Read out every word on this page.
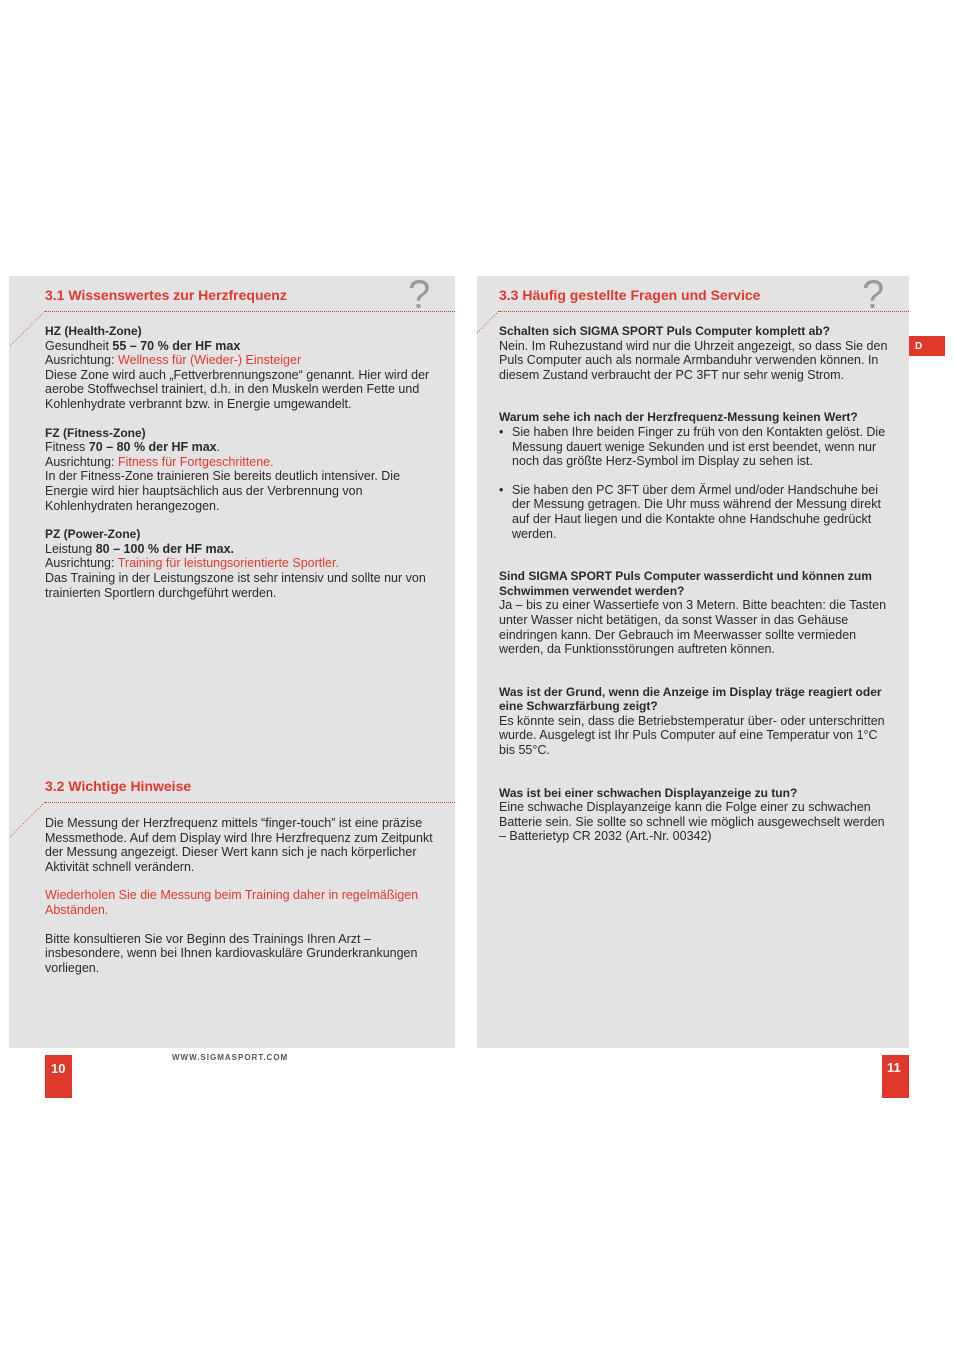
3.1 Wissenswertes zur Herzfrequenz	?

HZ (Health-Zone)

Gesundheit 55 – 70 % der HF max

Ausrichtung: Wellness für (Wieder-) Einsteiger

Diese Zone wird auch „Fettverbrennungszone“ genannt. Hier wird der aerobe Stoffwechsel trainiert, d.h. in den Muskeln werden Fette und Kohlenhydrate verbrannt bzw. in Energie umgewandelt.

FZ (Fitness-Zone)

Fitness 70 – 80 % der HF max.

Ausrichtung: Fitness für Fortgeschrittene.

In der Fitness-Zone trainieren Sie bereits deutlich intensiver. Die Energie wird hier hauptsächlich aus der Verbrennung von Kohlenhydraten herangezogen.

PZ (Power-Zone)

Leistung 80 – 100 % der HF max.

Ausrichtung: Training für leistungsorientierte Sportler.

Das Training in der Leistungszone ist sehr intensiv und sollte nur von trainierten Sportlern durchgeführt werden.

3.2 Wichtige Hinweise

Die Messung der Herzfrequenz mittels “finger-touch” ist eine präzise Messmethode. Auf dem Display wird Ihre Herzfrequenz zum Zeitpunkt der Messung angezeigt. Dieser Wert kann sich je nach körperlicher Aktivität schnell verändern.

Wiederholen Sie die Messung beim Training daher in regelmäßigen Abständen.

Bitte konsultieren Sie vor Beginn des Trainings Ihren Arzt – insbesondere, wenn bei Ihnen kardiovaskuläre Grunderkrankungen vorliegen.

10
WWW.SIGMASPORT.COM
3.3 Häufig gestellte Fragen und Service	?
D

Schalten sich SIGMA SPORT Puls Computer komplett ab?

Nein. Im Ruhezustand wird nur die Uhrzeit angezeigt, so dass Sie den Puls Computer auch als normale Armbanduhr verwenden können. In diesem Zustand verbraucht der PC 3FT nur sehr wenig Strom.

Warum sehe ich nach der Herzfrequenz-Messung keinen Wert?

• Sie haben Ihre beiden Finger zu früh von den Kontakten gelöst. Die Messung dauert wenige Sekunden und ist erst beendet, wenn nur noch das größte Herz-Symbol im Display zu sehen ist.
• Sie haben den PC 3FT über dem Ärmel und/oder Handschuhe bei der Messung getragen. Die Uhr muss während der Messung direkt auf der Haut liegen und die Kontakte ohne Handschuhe gedrückt werden.

Sind SIGMA SPORT Puls Computer wasserdicht und können zum Schwimmen verwendet werden?

Ja – bis zu einer Wassertiefe von 3 Metern. Bitte beachten: die Tasten unter Wasser nicht betätigen, da sonst Wasser in das Gehäuse eindringen kann. Der Gebrauch im Meerwasser sollte vermieden werden, da Funktionsstörungen auftreten können.

Was ist der Grund, wenn die Anzeige im Display träge reagiert oder eine Schwarzfärbung zeigt?

Es könnte sein, dass die Betriebstemperatur über- oder unterschritten wurde. Ausgelegt ist Ihr Puls Computer auf eine Temperatur von 1°C bis 55°C.

Was ist bei einer schwachen Displayanzeige zu tun?

Eine schwache Displayanzeige kann die Folge einer zu schwachen Batterie sein. Sie sollte so schnell wie möglich ausgewechselt werden – Batterietyp CR 2032 (Art.-Nr. 00342)

11
